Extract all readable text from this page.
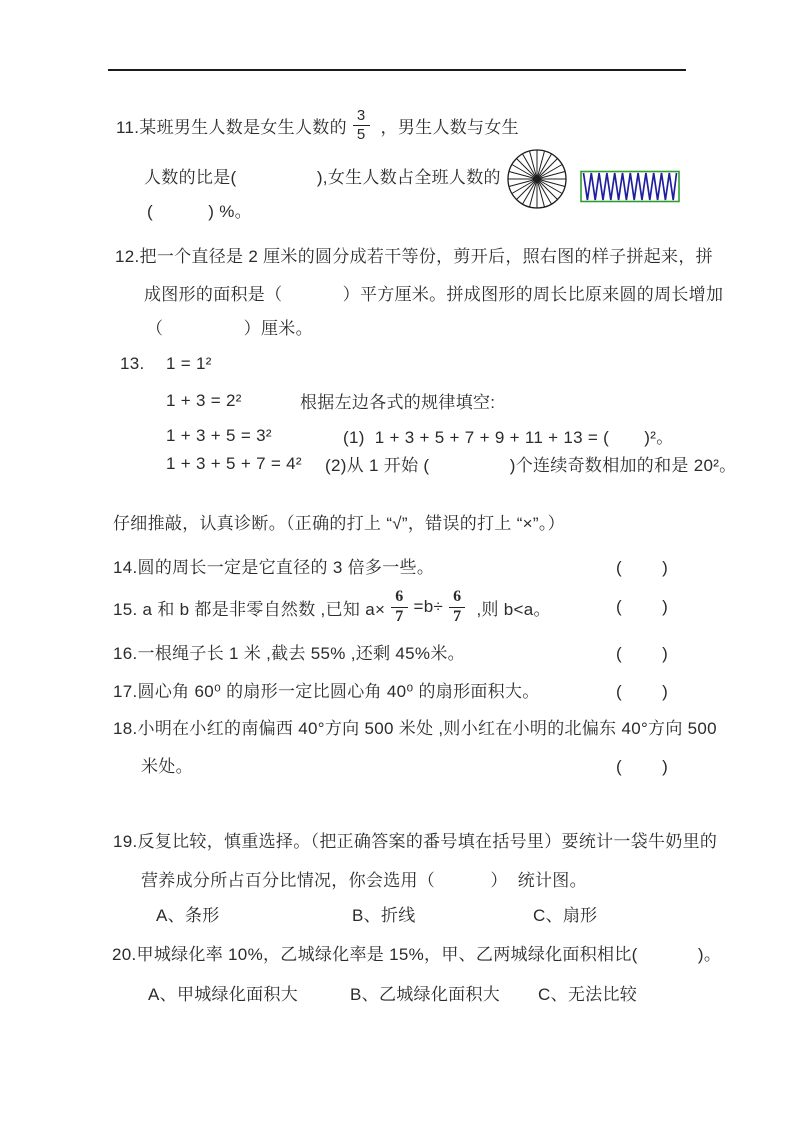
11.某班男生人数是女生人数的 $\frac{3}{5}$ ，男生人数与女生
人数的比是(                ),女生人数占全班人数的
(           ) %。
12.把一个直径是 2 厘米的圆分成若干等份，剪开后，照右图的样子拼起来，拼
成图形的面积是（            ）平方厘米。拼成图形的周长比原来圆的周长增加
（                ）厘米。
13. 1 = 1²
1 + 3 = 2²	根据左边各式的规律填空:
1 + 3 + 5 = 3²	(1)  1 + 3 + 5 + 7 + 9 + 11 + 13 = (       )²。
1 + 3 + 5 + 7 = 4² (2)从 1 开始 (                )个连续奇数相加的和是 20²。
仔细推敲，认真诊断。（正确的打上 “√”，错误的打上 “×”。）
14.圆的周长一定是它直径的 3 倍多一些。	(        )
15. a 和 b 都是非零自然数 ,已知 $a\times \frac{6}{7} =b\div \frac{6}{7}$ ,则 b<a。	(        )
16.一根绳子长 1 米 ,截去 55% ,还剩 45%米。	(        )
17.圆心角 60⁰ 的扇形一定比圆心角 40⁰ 的扇形面积大。	(        )
18.小明在小红的南偏西 40°方向 500 米处 ,则小红在小明的北偏东 40°方向 500
米处。	(        )
19.反复比较，慎重选择。（把正确答案的番号填在括号里）要统计一袋牛奶里的
营养成分所占百分比情况，你会选用（           ）  统计图。
A、条形	B、折线	C、扇形
20.甲城绿化率 10%，乙城绿化率是 15%，甲、乙两城绿化面积相比(            )。
A、甲城绿化面积大	B、乙城绿化面积大 C、无法比较
